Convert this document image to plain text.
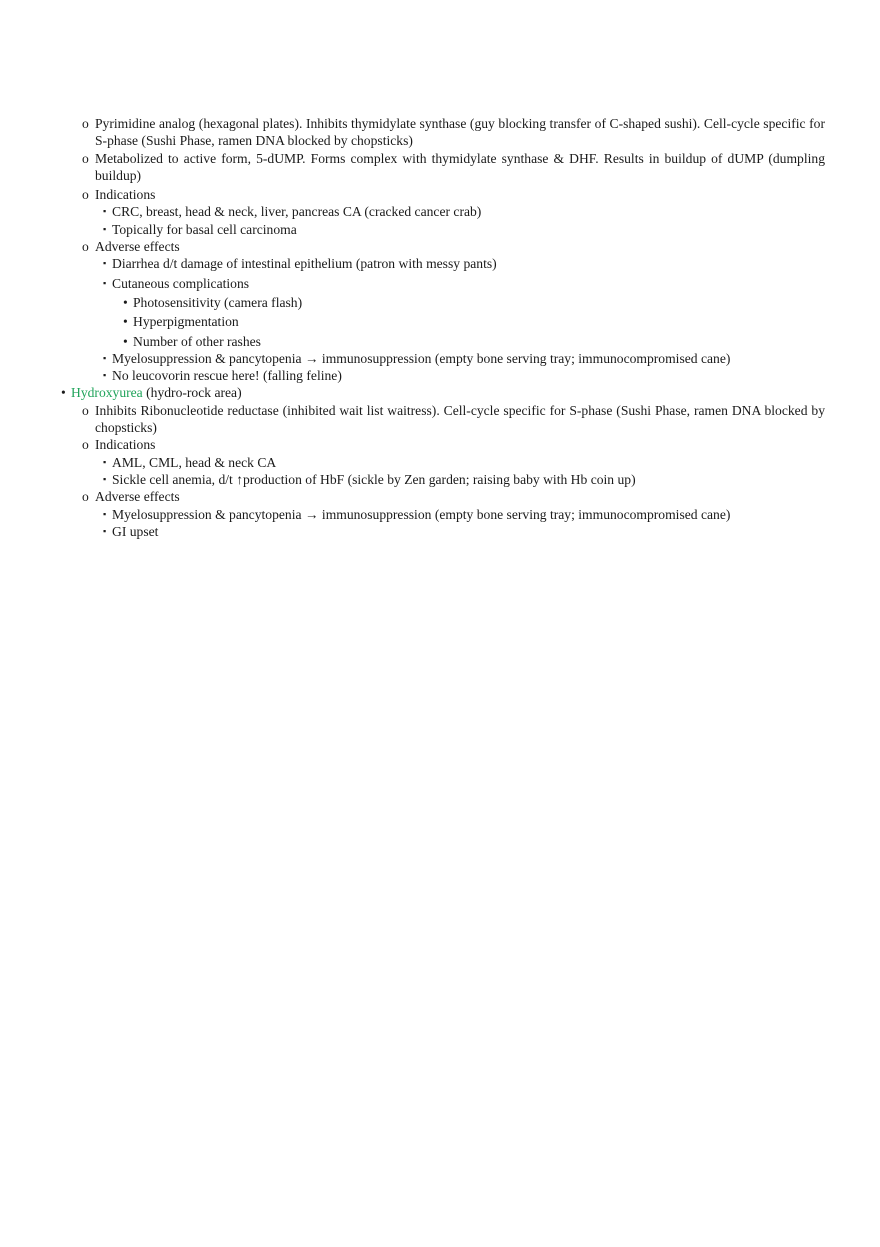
o Pyrimidine analog (hexagonal plates). Inhibits thymidylate synthase (guy blocking transfer of C-shaped sushi). Cell-cycle specific for S-phase (Sushi Phase, ramen DNA blocked by chopsticks)
o Metabolized to active form, 5-dUMP. Forms complex with thymidylate synthase & DHF. Results in buildup of dUMP (dumpling buildup)
o Indications
▪ CRC, breast, head & neck, liver, pancreas CA (cracked cancer crab)
▪ Topically for basal cell carcinoma
o Adverse effects
▪ Diarrhea d/t damage of intestinal epithelium (patron with messy pants)
▪ Cutaneous complications
• Photosensitivity (camera flash)
• Hyperpigmentation
• Number of other rashes
▪ Myelosuppression & pancytopenia → immunosuppression (empty bone serving tray; immunocompromised cane)
▪ No leucovorin rescue here! (falling feline)
• Hydroxyurea (hydro-rock area)
o Inhibits Ribonucleotide reductase (inhibited wait list waitress). Cell-cycle specific for S-phase (Sushi Phase, ramen DNA blocked by chopsticks)
o Indications
▪ AML, CML, head & neck CA
▪ Sickle cell anemia, d/t ↑production of HbF (sickle by Zen garden; raising baby with Hb coin up)
o Adverse effects
▪ Myelosuppression & pancytopenia → immunosuppression (empty bone serving tray; immunocompromised cane)
▪ GI upset
